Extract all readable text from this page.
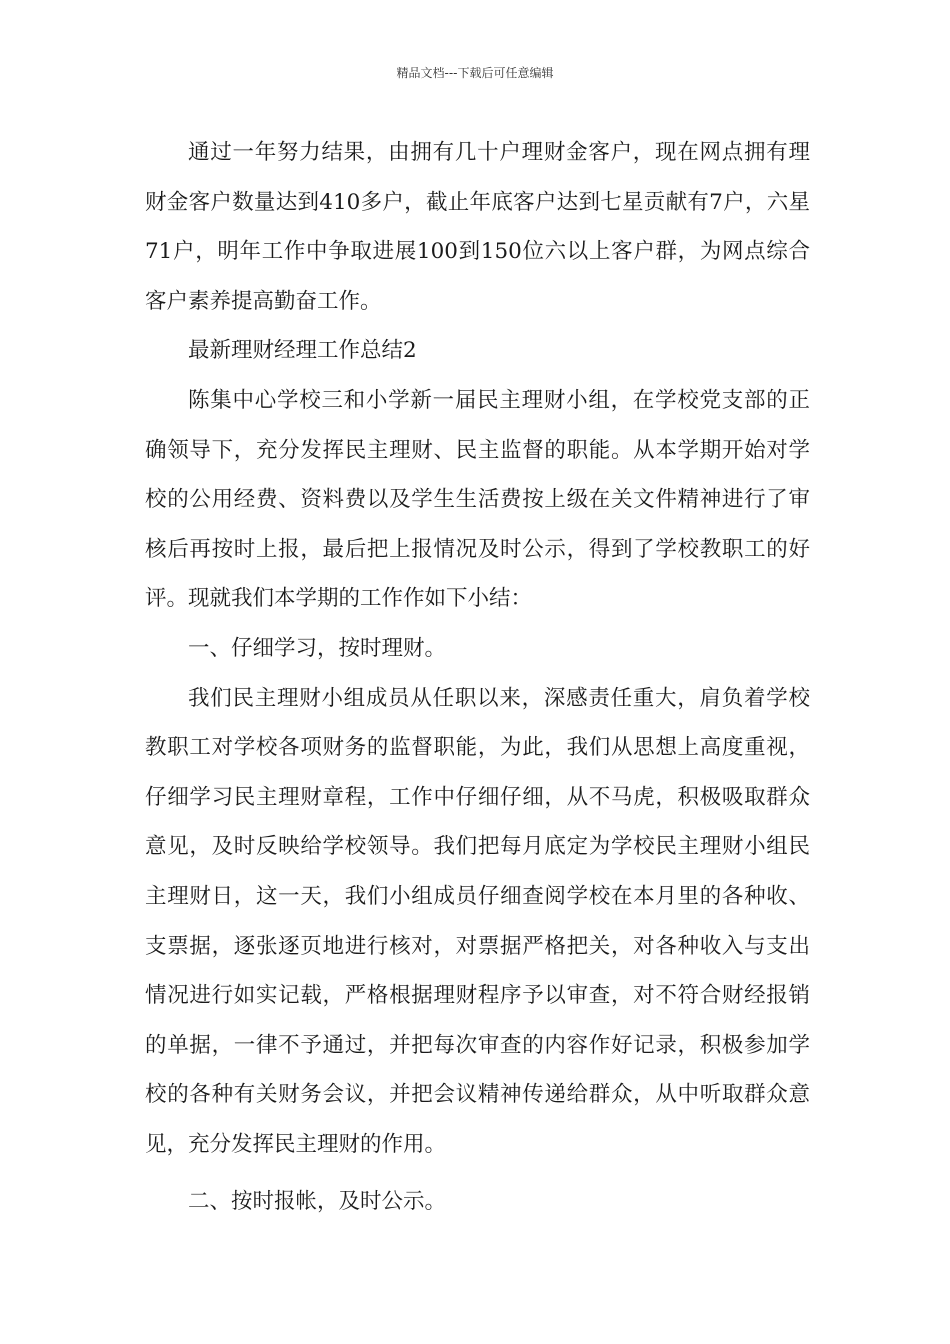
精品文档---下载后可任意编辑

通过一年努力结果，由拥有几十户理财金客户，现在网点拥有理财金客户数量达到410多户，截止年底客户达到七星贡献有7户，六星71户，明年工作中争取进展100到150位六以上客户群，为网点综合客户素养提高勤奋工作。

最新理财经理工作总结2

陈集中心学校三和小学新一届民主理财小组，在学校党支部的正确领导下，充分发挥民主理财、民主监督的职能。从本学期开始对学校的公用经费、资料费以及学生生活费按上级在关文件精神进行了审核后再按时上报，最后把上报情况及时公示，得到了学校教职工的好评。现就我们本学期的工作作如下小结：

一、仔细学习，按时理财。

我们民主理财小组成员从任职以来，深感责任重大，肩负着学校教职工对学校各项财务的监督职能，为此，我们从思想上高度重视，仔细学习民主理财章程，工作中仔细仔细，从不马虎，积极吸取群众意见，及时反映给学校领导。我们把每月底定为学校民主理财小组民主理财日，这一天，我们小组成员仔细查阅学校在本月里的各种收、支票据，逐张逐页地进行核对，对票据严格把关，对各种收入与支出情况进行如实记载，严格根据理财程序予以审查，对不符合财经报销的单据，一律不予通过，并把每次审查的内容作好记录，积极参加学校的各种有关财务会议，并把会议精神传递给群众，从中听取群众意见，充分发挥民主理财的作用。

二、按时报帐，及时公示。
